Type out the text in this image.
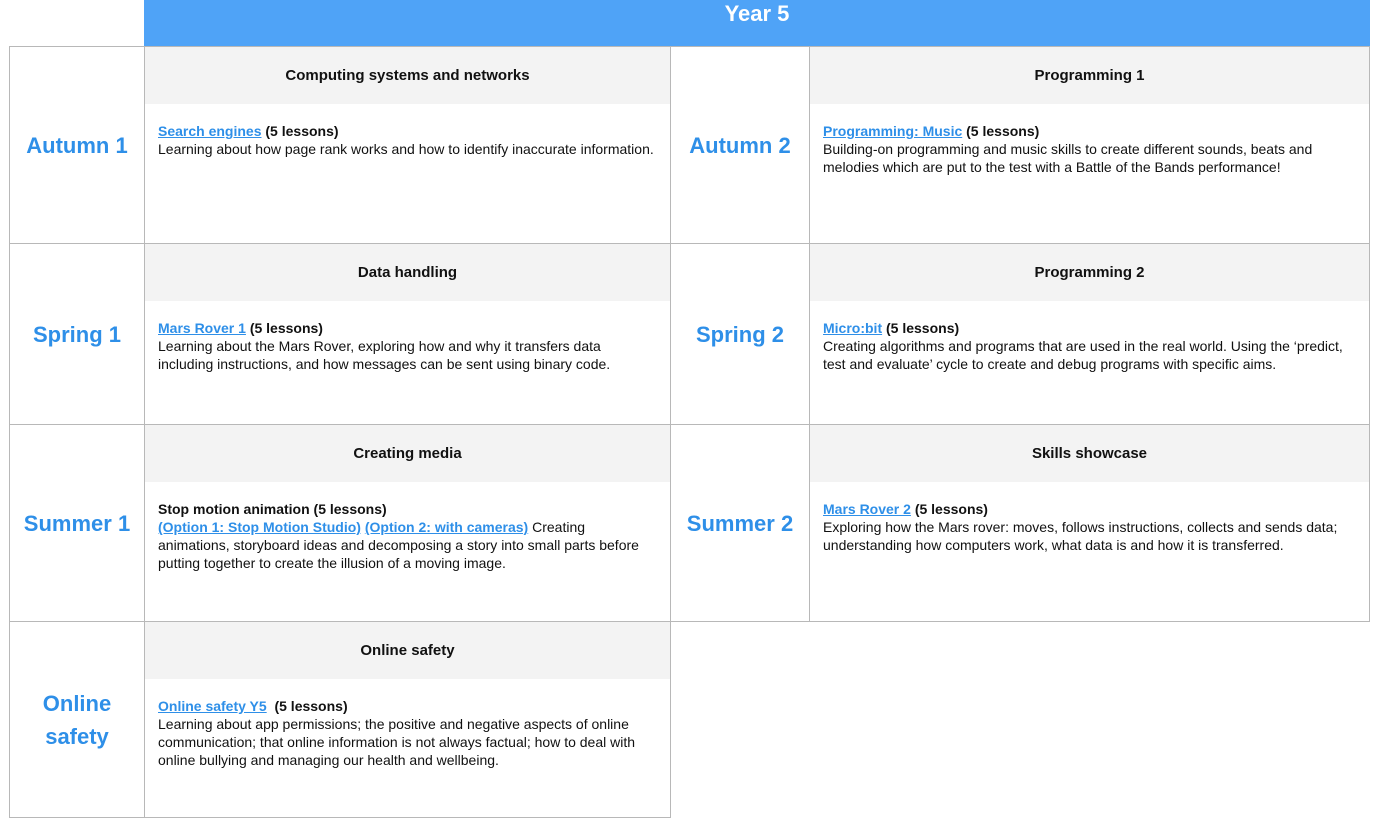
Year 5
Autumn 1
Computing systems and networks
Search engines (5 lessons)
Learning about how page rank works and how to identify inaccurate information.	Autumn 2
Programming 1
Programming: Music (5 lessons)
Building-on programming and music skills to create different sounds, beats and melodies which are put to the test with a Battle of the Bands performance!
Spring 1
Data handling
Mars Rover 1 (5 lessons)
Learning about the Mars Rover, exploring how and why it transfers data including instructions, and how messages can be sent using binary code.
Spring 2
Programming 2
Micro:bit (5 lessons)
Creating algorithms and programs that are used in the real world. Using the ‘predict, test and evaluate’ cycle to create and debug programs with specific aims.
Summer 1
Creating media
Stop motion animation (5 lessons)
(Option 1: Stop Motion Studio) (Option 2: with cameras) Creating animations, storyboard ideas and decomposing a story into small parts before putting together to create the illusion of a moving image.
Summer 2
Skills showcase
Mars Rover 2 (5 lessons)
Exploring how the Mars rover: moves, follows instructions, collects and sends data; understanding how computers work, what data is and how it is transferred.
Online
safety
Online safety
Online safety Y5 (5 lessons)
Learning about app permissions; the positive and negative aspects of online communication; that online information is not always factual; how to deal with online bullying and managing our health and wellbeing.
